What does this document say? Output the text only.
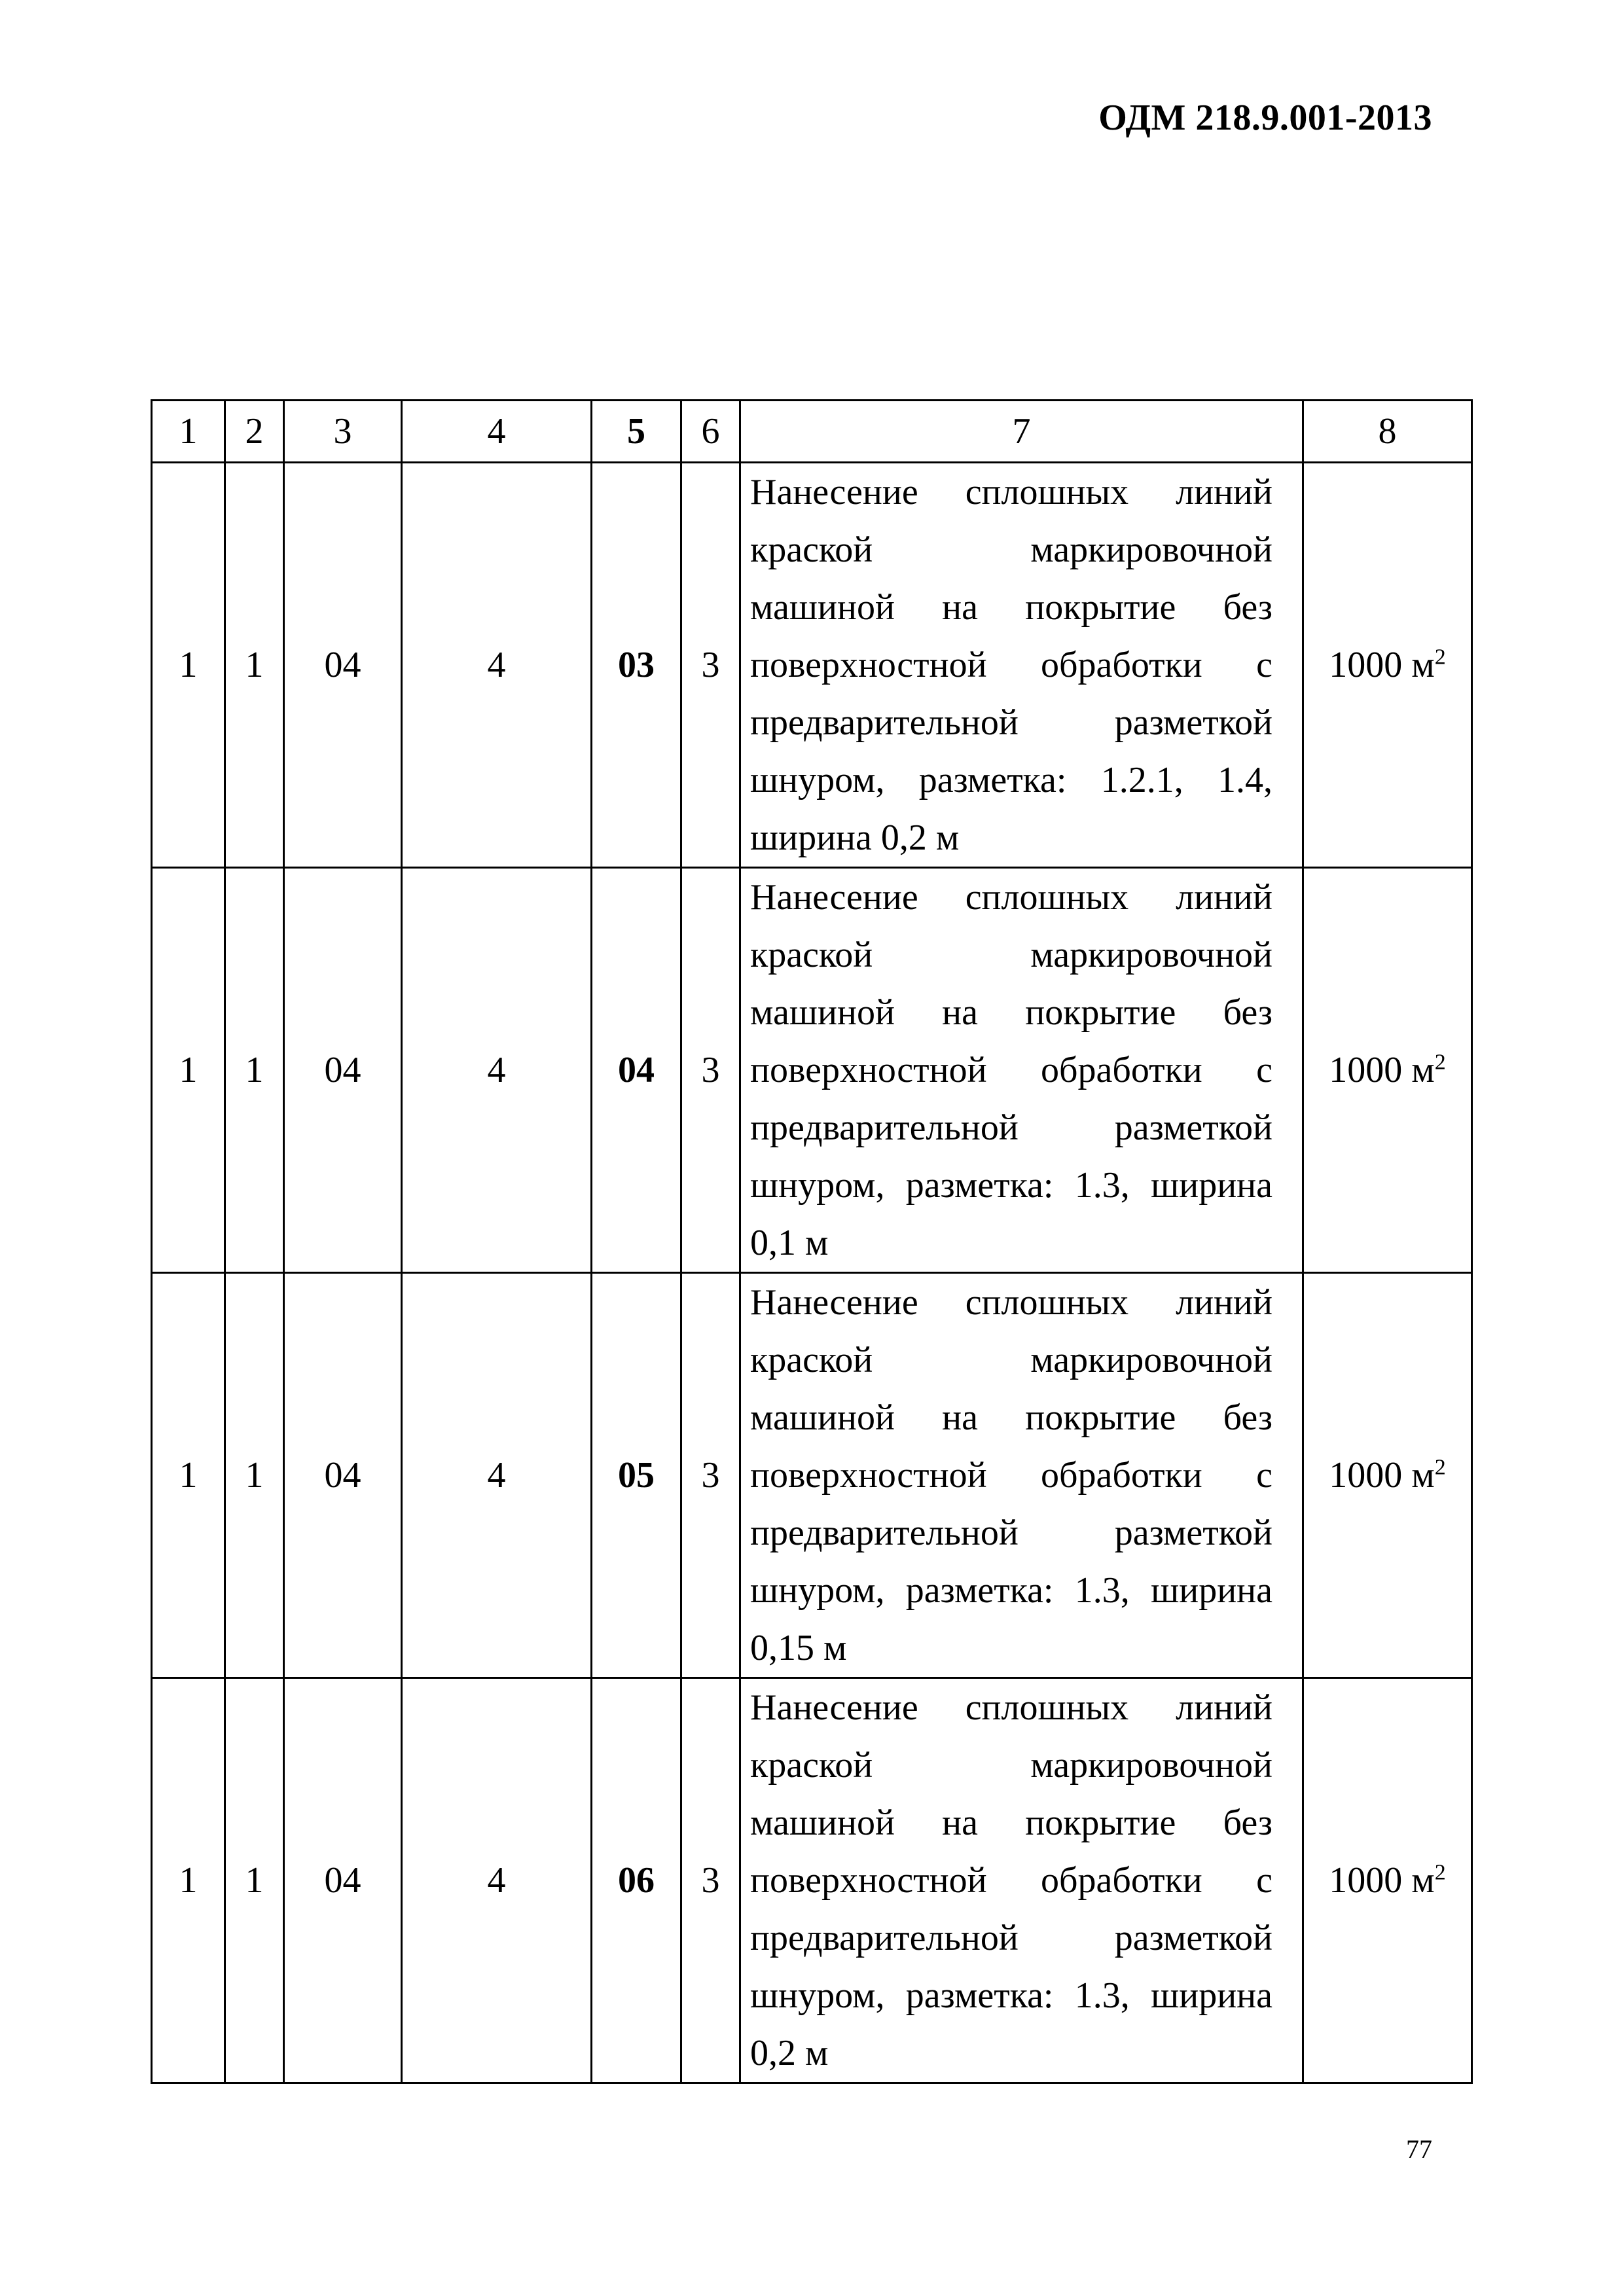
ОДМ 218.9.001-2013
1	2	3	4	5	6	7	8
1	1	04	4	03	3	Нанесение сплошных линий краской маркировочной машиной на покрытие без поверхностной обработки с предварительной разметкой шнуром, разметка: 1.2.1, 1.4, ширина 0,2 м	1000 $м^2$
1	1	04	4	04	3	Нанесение сплошных линий краской маркировочной машиной на покрытие без поверхностной обработки с предварительной разметкой шнуром, разметка: 1.3, ширина 0,1 м	1000 $м^2$
1	1	04	4	05	3	Нанесение сплошных линий краской маркировочной машиной на покрытие без поверхностной обработки с предварительной разметкой шнуром, разметка: 1.3, ширина 0,15 м	1000 $м^2$
1	1	04	4	06	3	Нанесение сплошных линий краской маркировочной машиной на покрытие без поверхностной обработки с предварительной разметкой шнуром, разметка: 1.3, ширина 0,2 м	1000 $м^2$
77
